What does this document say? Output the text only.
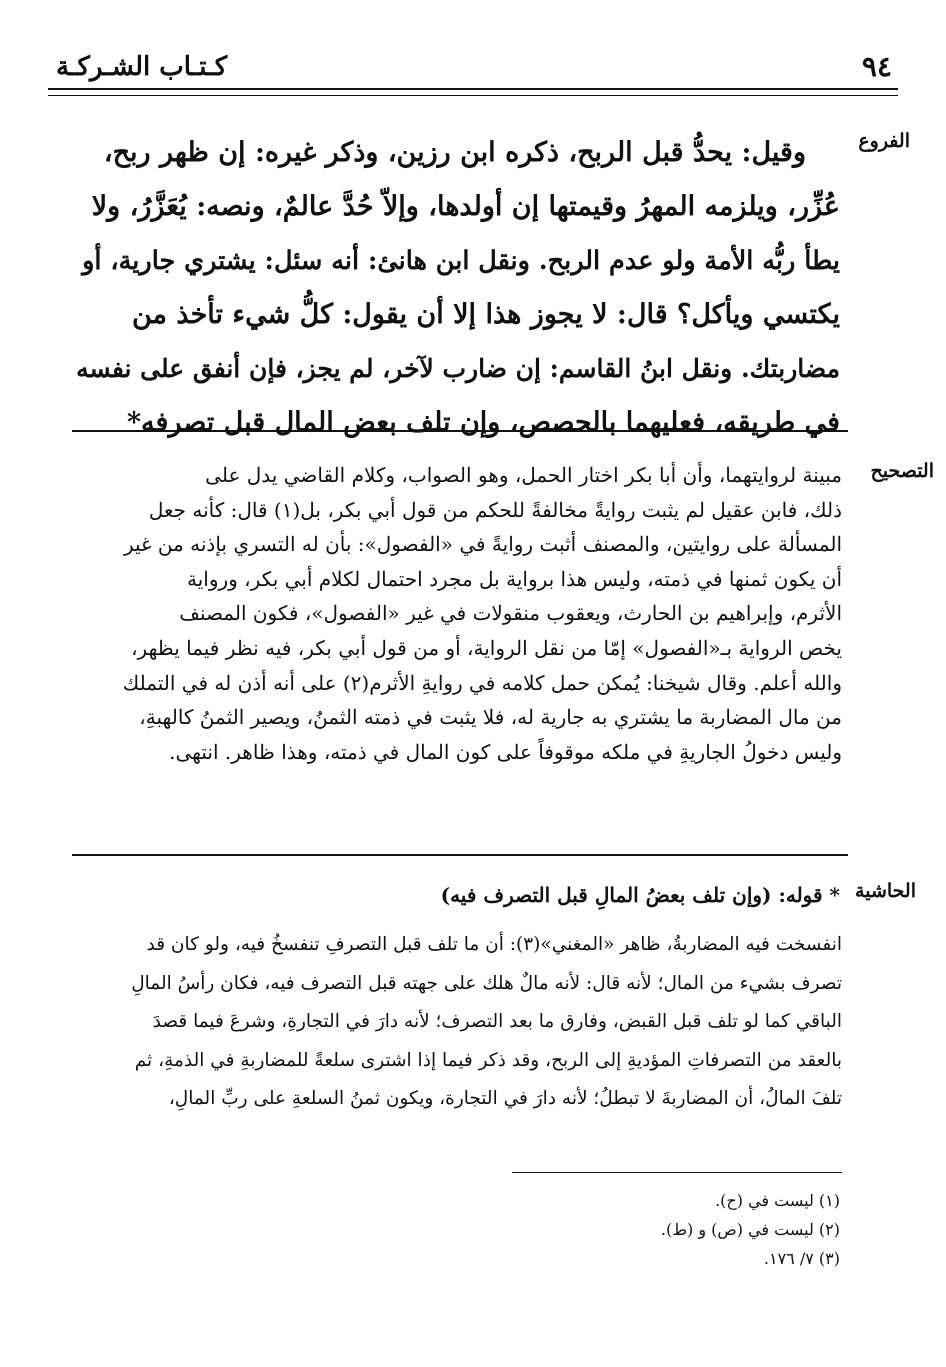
كـتـاب الشـركـة	٩٤
الفروع
وقيل: يحدُّ قبل الربح، ذكره ابن رزين، وذكر غيره: إن ظهر ربح،
عُزِّر، ويلزمه المهرُ وقيمتها إن أولدها، وإلاّ حُدَّ عالمٌ، ونصه: يُعَزَّرُ، ولا
يطأ ربُّه الأمة ولو عدم الربح. ونقل ابن هانئ: أنه سئل: يشتري جارية، أو
يكتسي ويأكل؟ قال: لا يجوز هذا إلا أن يقول: كلُّ شيء تأخذ من
مضاربتك. ونقل ابنُ القاسم: إن ضارب لآخر، لم يجز، فإن أنفق على نفسه
في طريقه، فعليهما بالحصص، وإن تلف بعض المال قبل تصرفه*
التصحيح
مبينة لروايتهما، وأن أبا بكر اختار الحمل، وهو الصواب، وكلام القاضي يدل على
ذلك، فابن عقيل لم يثبت روايةً مخالفةً للحكم من قول أبي بكر، بل(١) قال: كأنه جعل
المسألة على روايتين، والمصنف أثبت روايةً في «الفصول»: بأن له التسري بإذنه من غير
أن يكون ثمنها في ذمته، وليس هذا برواية بل مجرد احتمال لكلام أبي بكر، ورواية
الأثرم، وإبراهيم بن الحارث، ويعقوب منقولات في غير «الفصول»، فكون المصنف
يخص الرواية بـ«الفصول» إمّا من نقل الرواية، أو من قول أبي بكر، فيه نظر فيما يظهر،
والله أعلم. وقال شيخنا: يُمكن حمل كلامه في روايةِ الأثرم(٢) على أنه أذن له في التملك
من مال المضاربة ما يشتري به جارية له، فلا يثبت في ذمته الثمنُ، ويصير الثمنُ كالهبةِ،
وليس دخولُ الجاريةِ في ملكه موقوفاً على كون المال في ذمته، وهذا ظاهر. انتهى.
الحاشية
* قوله: (وإن تلف بعضُ المالِ قبل التصرف فيه)
انفسخت فيه المضاربةُ، ظاهر «المغني»(٣): أن ما تلف قبل التصرفِ تنفسخُ فيه، ولو كان قد
تصرف بشيء من المال؛ لأنه قال: لأنه مالٌ هلك على جهته قبل التصرف فيه، فكان رأسُ المالِ
الباقي كما لو تلف قبل القبض، وفارق ما بعد التصرف؛ لأنه دارَ في التجارةِ، وشرعَ فيما قصدَ
بالعقد من التصرفاتِ المؤديةِ إلى الربح، وقد ذكر فيما إذا اشترى سلعةً للمضاربةِ في الذمةِ، ثم
تلفَ المالُ، أن المضاربةَ لا تبطلُ؛ لأنه دارَ في التجارة، ويكون ثمنُ السلعةِ على ربِّ المالِ،
(١) ليست في (ح).
(٢) ليست في (ص) و (ط).
(٣) ٧/ ١٧٦.
